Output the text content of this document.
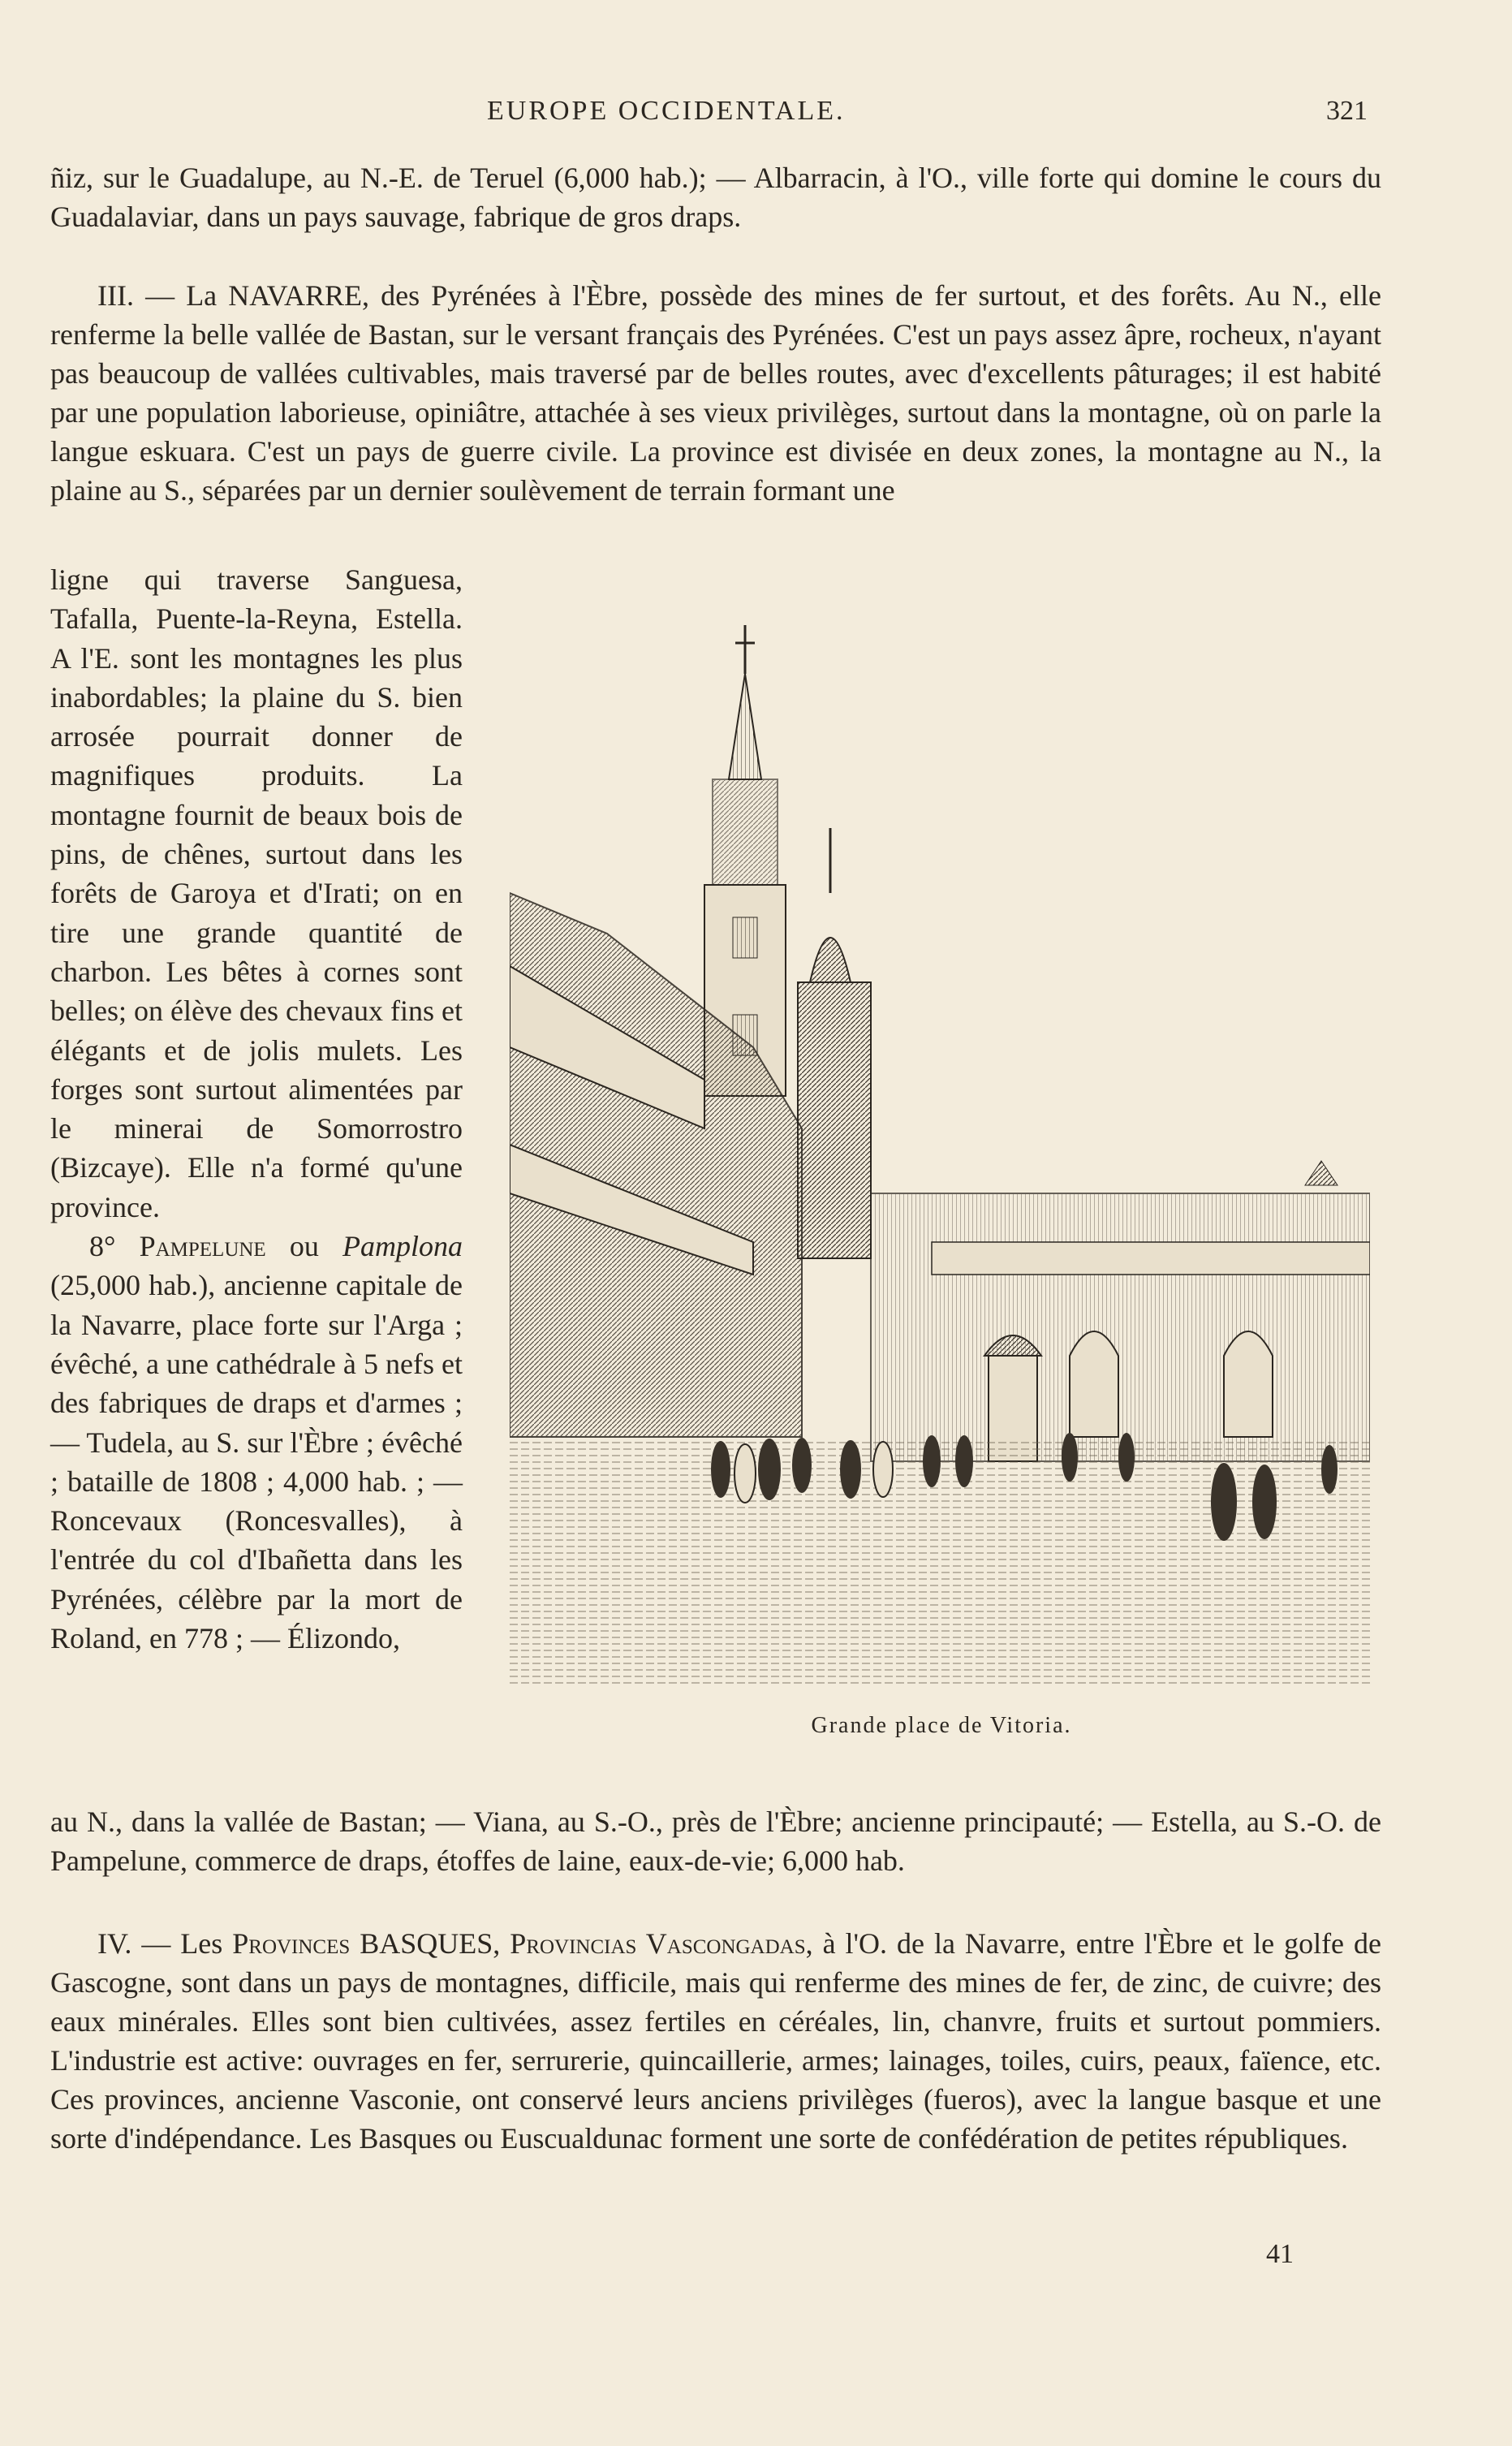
EUROPE OCCIDENTALE.	321

ñiz, sur le Guadalupe, au N.-E. de Teruel (6,000 hab.); — Albarracin, à l'O., ville forte qui domine le cours du Guadalaviar, dans un pays sauvage, fabrique de gros draps.

III. — La NAVARRE, des Pyrénées à l'Èbre, possède des mines de fer surtout, et des forêts. Au N., elle renferme la belle vallée de Bastan, sur le versant français des Pyrénées. C'est un pays assez âpre, rocheux, n'ayant pas beaucoup de vallées cultivables, mais traversé par de belles routes, avec d'excellents pâturages; il est habité par une population laborieuse, opiniâtre, attachée à ses vieux privilèges, surtout dans la montagne, où on parle la langue eskuara. C'est un pays de guerre civile. La province est divisée en deux zones, la montagne au N., la plaine au S., séparées par un dernier soulèvement de terrain formant une

ligne qui traverse Sanguesa, Tafalla, Puente-la-Reyna, Estella. A l'E. sont les montagnes les plus inabordables; la plaine du S. bien arrosée pourrait donner de magnifiques produits. La montagne fournit de beaux bois de pins, de chênes, surtout dans les forêts de Garoya et d'Irati; on en tire une grande quantité de charbon. Les bêtes à cornes sont belles; on élève des chevaux fins et élégants et de jolis mulets. Les forges sont surtout alimentées par le minerai de Somorrostro (Bizcaye). Elle n'a formé qu'une province.
8° Pampelune ou Pamplona (25,000 hab.), ancienne capitale de la Navarre, place forte sur l'Arga ; évêché, a une cathédrale à 5 nefs et des fabriques de draps et d'armes ; — Tudela, au S. sur l'Èbre ; évêché ; bataille de 1808 ; 4,000 hab. ; — Roncevaux (Roncesvalles), à l'entrée du col d'Ibañetta dans les Pyrénées, célèbre par la mort de Roland, en 778 ; — Élizondo,
Grande place de Vitoria.

au N., dans la vallée de Bastan; — Viana, au S.-O., près de l'Èbre; ancienne principauté; — Estella, au S.-O. de Pampelune, commerce de draps, étoffes de laine, eaux-de-vie; 6,000 hab.

IV. — Les Provinces BASQUES, Provincias Vascongadas, à l'O. de la Navarre, entre l'Èbre et le golfe de Gascogne, sont dans un pays de montagnes, difficile, mais qui renferme des mines de fer, de zinc, de cuivre; des eaux minérales. Elles sont bien cultivées, assez fertiles en céréales, lin, chanvre, fruits et surtout pommiers. L'industrie est active: ouvrages en fer, serrurerie, quincaillerie, armes; lainages, toiles, cuirs, peaux, faïence, etc. Ces provinces, ancienne Vasconie, ont conservé leurs anciens privilèges (fueros), avec la langue basque et une sorte d'indépendance. Les Basques ou Euscualdunac forment une sorte de confédération de petites républiques.

41
